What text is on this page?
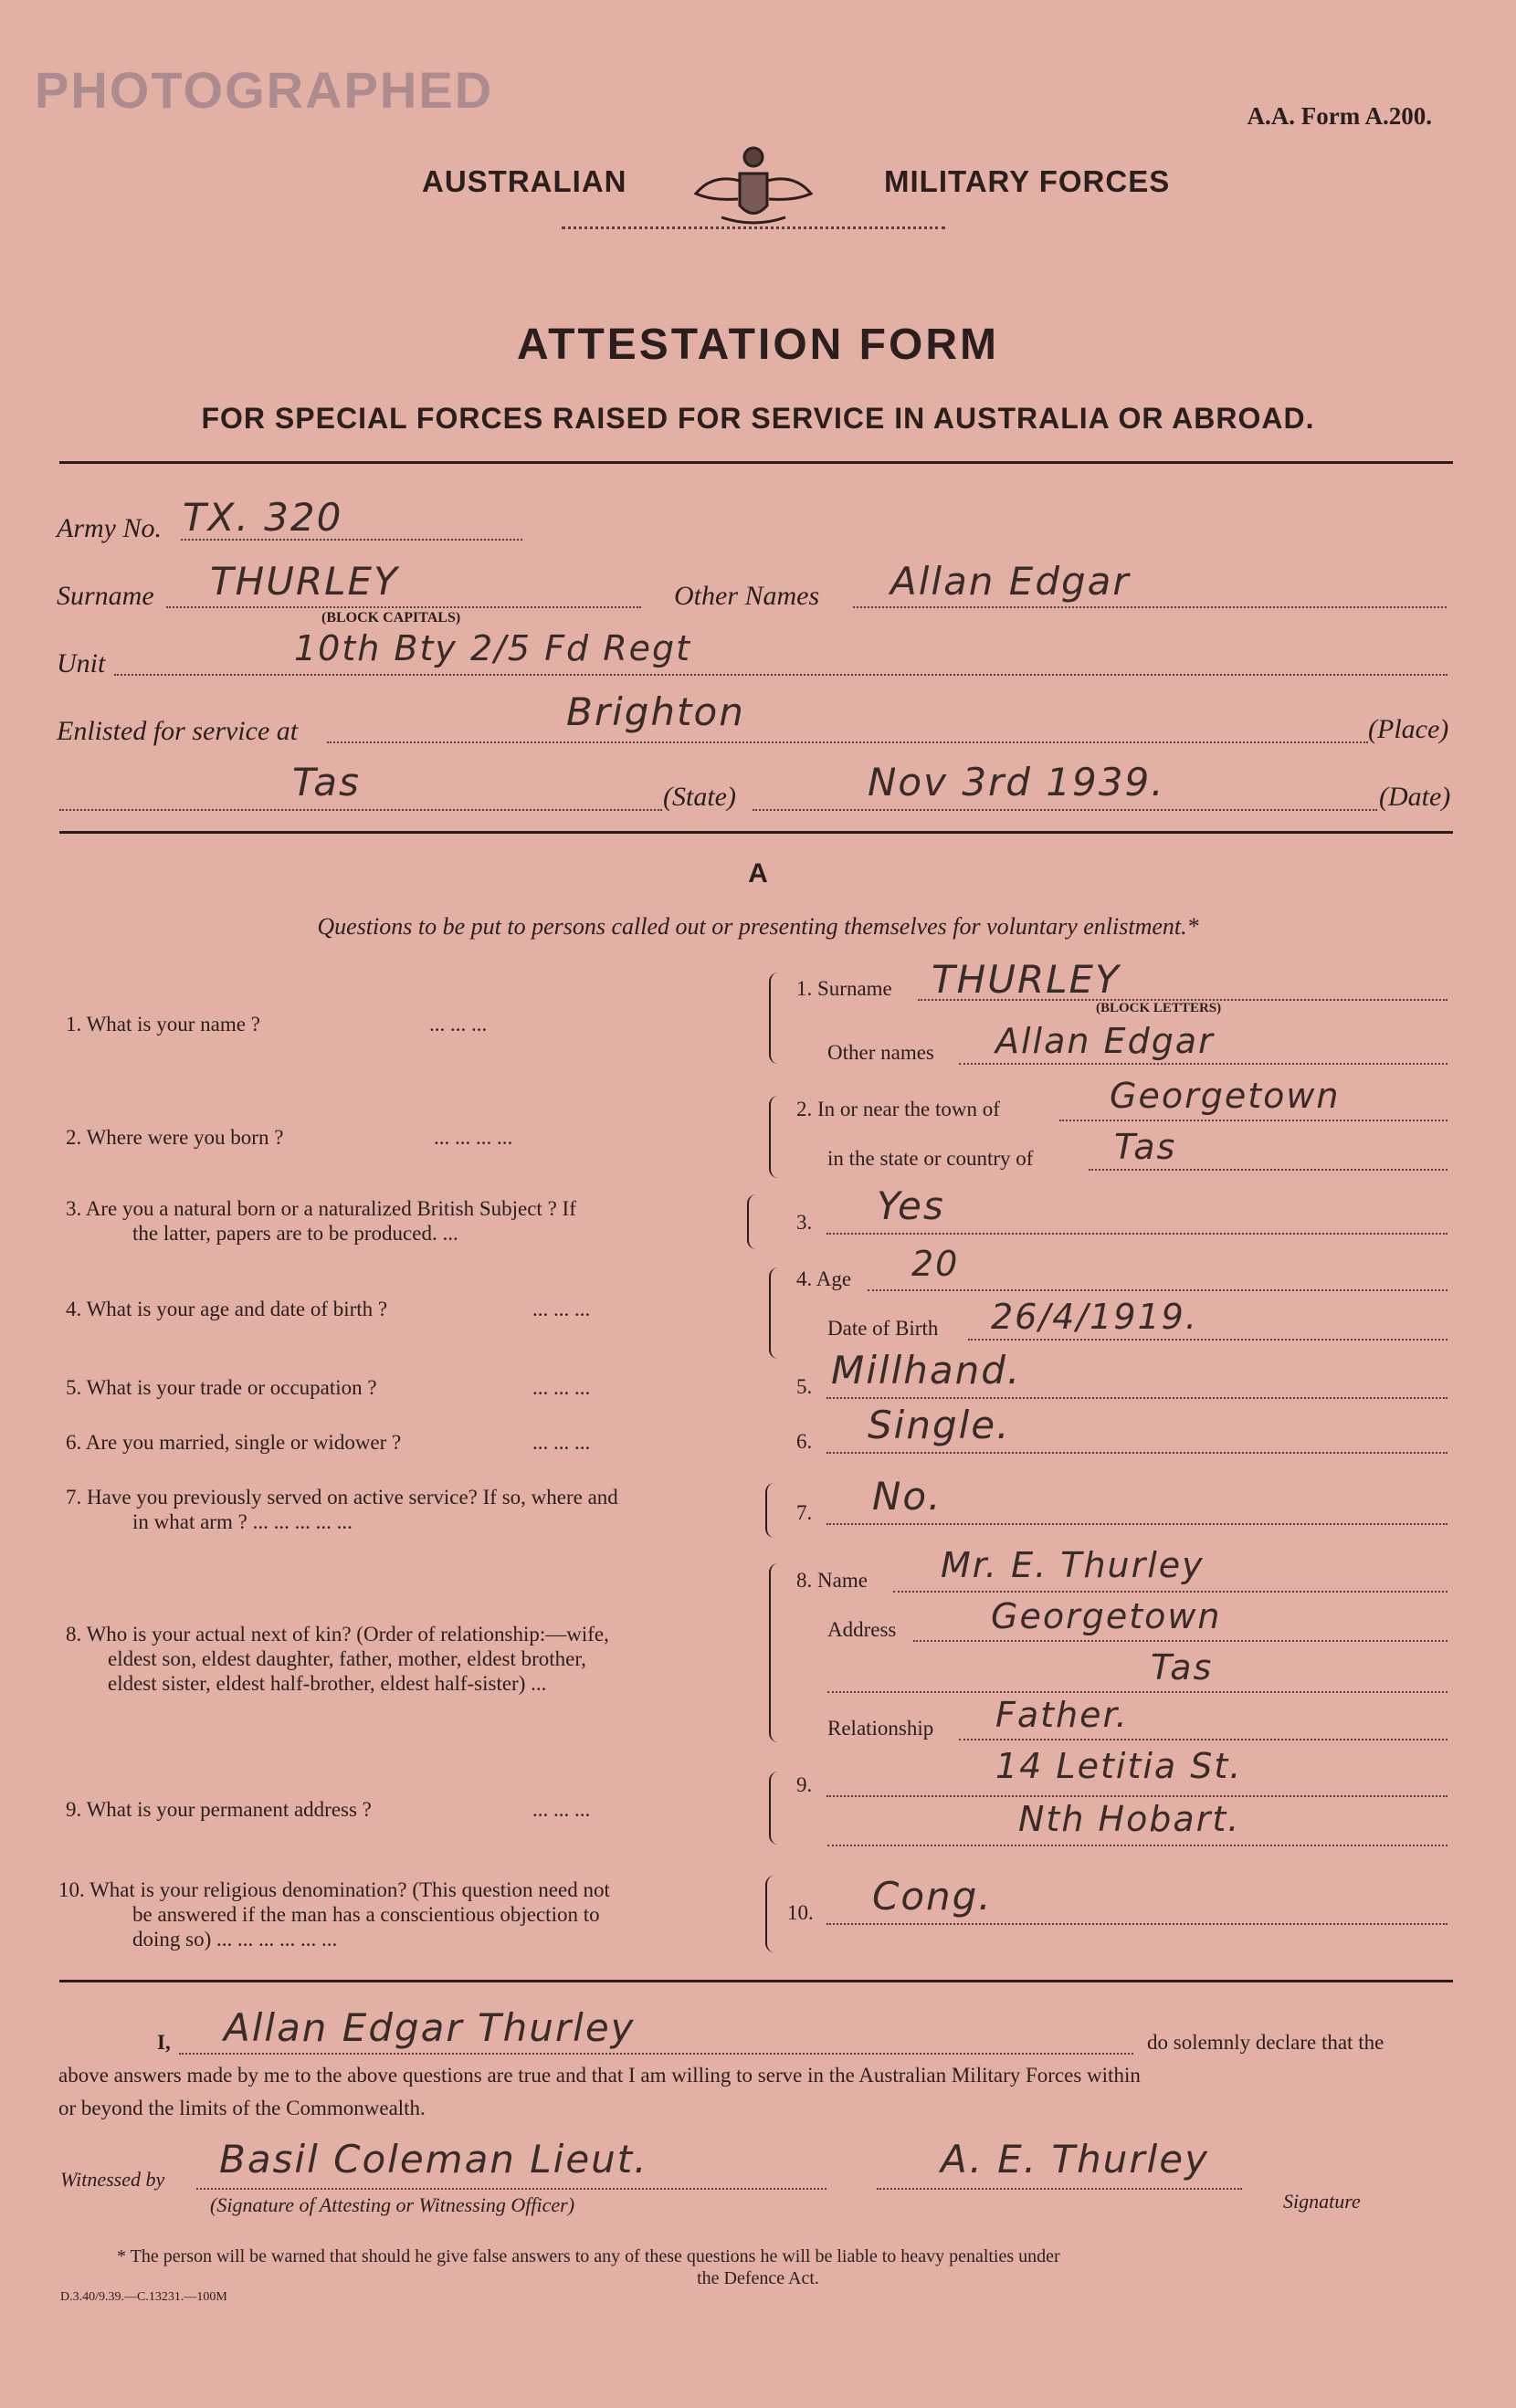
PHOTOGRAPHED	A.A. Form A.200.
AUSTRALIAN	MILITARY FORCES
ATTESTATION FORM
FOR SPECIAL FORCES RAISED FOR SERVICE IN AUSTRALIA OR ABROAD.
Army No. TX. 320
Surname THURLEY
(BLOCK CAPITALS)
Other Names Allan Edgar
Unit	10th Bty 2/5 Fd Regt
Enlisted for service at	Brighton	(Place)
Tas	(State)	Nov 3rd 1939.	(Date)
A
Questions to be put to persons called out or presenting themselves for voluntary enlistment.*
1. What is your name ?	... ... ...
1. Surname THURLEY
(BLOCK LETTERS)
Other names Allan Edgar
2. Where were you born ?	... ... ... ...
2. In or near the town of	Georgetown
in the state or country of Tas
3. Are you a natural born or a naturalized British Subject ? If
the latter, papers are to be produced. ...	3. Yes
4. What is your age and date of birth ?	... ... ...
4. Age 20
Date of Birth 26/4/1919.
5. What is your trade or occupation ?	... ... ...	5. Millhand.
6. Are you married, single or widower ?	... ... ...	6. Single.
7. Have you previously served on active service? If so, where and
in what arm ? ... ... ... ... ...	7. No.
8. Who is your actual next of kin? (Order of relationship:—wife,
eldest son, eldest daughter, father, mother, eldest brother,
eldest sister, eldest half-brother, eldest half-sister) ...
8. Name Mr. E. Thurley
Address	Georgetown
Tas
Relationship Father.
9. What is your permanent address ?	... ... ...
9.	14 Letitia St.
Nth Hobart.
10. What is your religious denomination? (This question need not
be answered if the man has a conscientious objection to
doing so) ... ... ... ... ... ...
10. Cong.
I, Allan Edgar Thurley	do solemnly declare that the
above answers made by me to the above questions are true and that I am willing to serve in the Australian Military Forces within
or beyond the limits of the Commonwealth.
Witnessed by Basil Coleman Lieut.
(Signature of Attesting or Witnessing Officer)
A. E. Thurley
Signature
* The person will be warned that should he give false answers to any of these questions he will be liable to heavy penalties under
the Defence Act.
D.3.40/9.39.—C.13231.—100M
